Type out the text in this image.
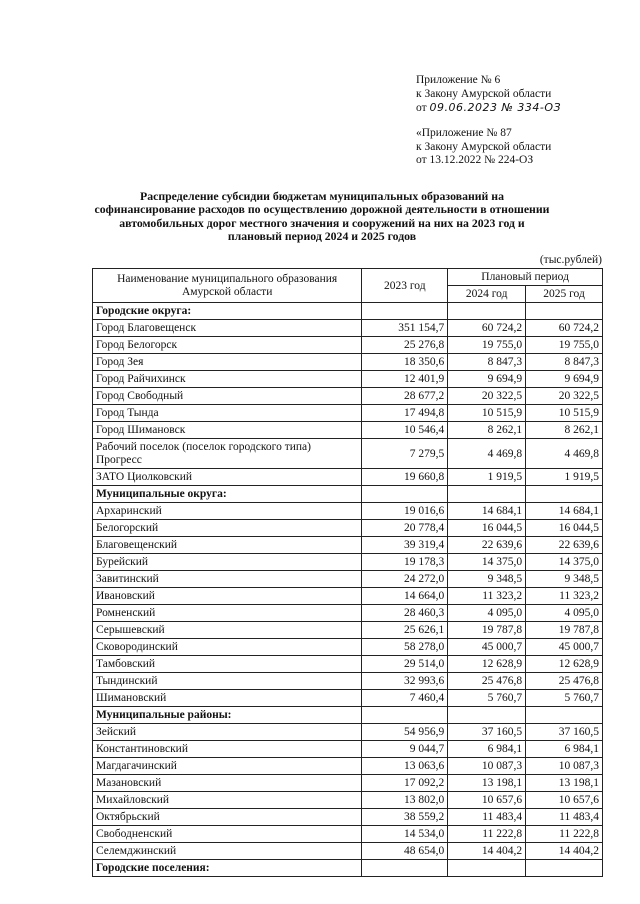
Приложение № 6
к Закону Амурской области
от 09.06.2023 № 334-ОЗ
«Приложение № 87
к Закону Амурской области
от 13.12.2022 № 224-ОЗ
Распределение субсидии бюджетам муниципальных образований на софинансирование расходов по осуществлению дорожной деятельности в отношении автомобильных дорог местного значения и сооружений на них на 2023 год и плановый период 2024 и 2025 годов
(тыс.рублей)
Наименование муниципального образования Амурской области	2023 год	Плановый период	
		2024 год	2025 год
Городские округа:			
Город Благовещенск	351 154,7	60 724,2	60 724,2
Город Белогорск	25 276,8	19 755,0	19 755,0
Город Зея	18 350,6	8 847,3	8 847,3
Город Райчихинск	12 401,9	9 694,9	9 694,9
Город Свободный	28 677,2	20 322,5	20 322,5
Город Тында	17 494,8	10 515,9	10 515,9
Город Шимановск	10 546,4	8 262,1	8 262,1
Рабочий поселок (поселок городского типа) Прогресс	7 279,5	4 469,8	4 469,8
ЗАТО Циолковский	19 660,8	1 919,5	1 919,5
Муниципальные округа:			
Архаринский	19 016,6	14 684,1	14 684,1
Белогорский	20 778,4	16 044,5	16 044,5
Благовещенский	39 319,4	22 639,6	22 639,6
Бурейский	19 178,3	14 375,0	14 375,0
Завитинский	24 272,0	9 348,5	9 348,5
Ивановский	14 664,0	11 323,2	11 323,2
Ромненский	28 460,3	4 095,0	4 095,0
Серышевский	25 626,1	19 787,8	19 787,8
Сковородинский	58 278,0	45 000,7	45 000,7
Тамбовский	29 514,0	12 628,9	12 628,9
Тындинский	32 993,6	25 476,8	25 476,8
Шимановский	7 460,4	5 760,7	5 760,7
Муниципальные районы:			
Зейский	54 956,9	37 160,5	37 160,5
Константиновский	9 044,7	6 984,1	6 984,1
Магдагачинский	13 063,6	10 087,3	10 087,3
Мазановский	17 092,2	13 198,1	13 198,1
Михайловский	13 802,0	10 657,6	10 657,6
Октябрьский	38 559,2	11 483,4	11 483,4
Свободненский	14 534,0	11 222,8	11 222,8
Селемджинский	48 654,0	14 404,2	14 404,2
Городские поселения:			
